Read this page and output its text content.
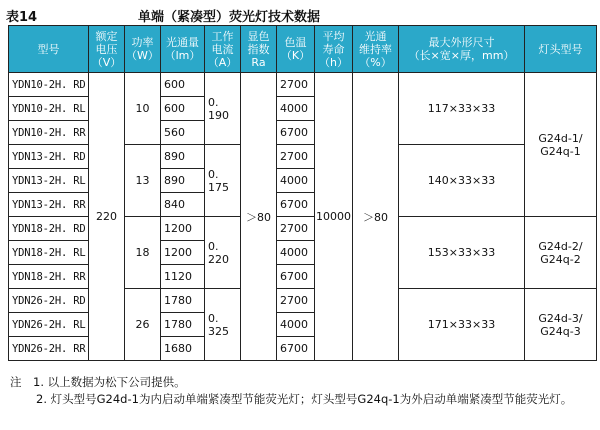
表14	单端（紧凑型）荧光灯技术数据
型号	额定
电压
（V）	功率
（W）	光通量
（lm）	工作
电流
（A）	显色
指数
Ra	色温
（K）	平均
寿命
（h）	光通
维持率
（%）	最大外形尺寸
（长×宽×厚，mm）	灯头型号
YDN10-2H. RD	220	10	600	0. 190	＞80	2700	10000	＞80	117×33×33	G24d-1/
G24q-1
YDN10-2H. RL			600			4000				
YDN10-2H. RR			560			6700				
YDN13-2H. RD		13	890	0. 175		2700			140×33×33	
YDN13-2H. RL			890			4000				
YDN13-2H. RR			840			6700				
YDN18-2H. RD		18	1200	0. 220		2700			153×33×33	G24d-2/
G24q-2
YDN18-2H. RL			1200			4000				
YDN18-2H. RR			1120			6700				
YDN26-2H. RD		26	1780	0. 325		2700			171×33×33	G24d-3/
G24q-3
YDN26-2H. RL			1780			4000				
YDN26-2H. RR			1680			6700				
注　1. 以上数据为松下公司提供。
2. 灯头型号G24d-1为内启动单端紧凑型节能荧光灯；灯头型号G24q-1为外启动单端紧凑型节能荧光灯。
